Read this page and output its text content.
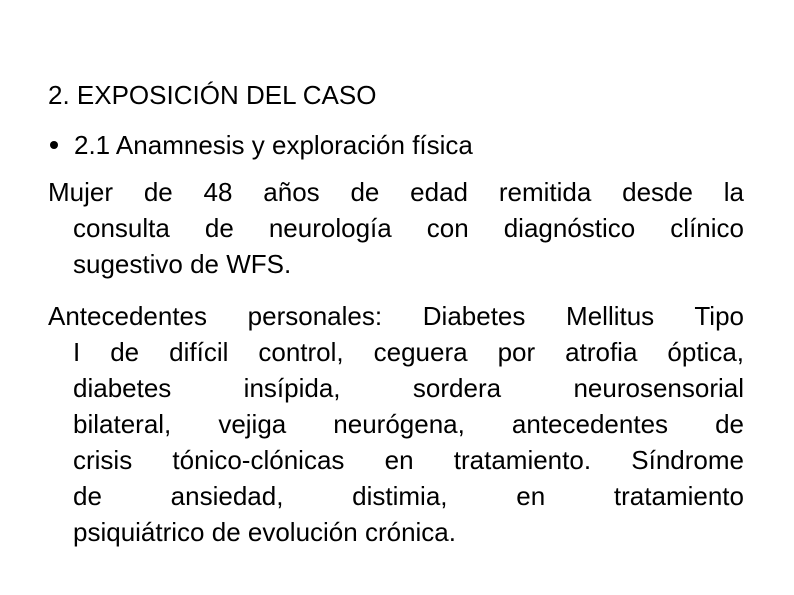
2. EXPOSICIÓN DEL CASO
2.1 Anamnesis y exploración física
Mujer de 48 años de edad remitida desde la
consulta de neurología con diagnóstico clínico
sugestivo de WFS.
Antecedentes personales: Diabetes Mellitus Tipo
I de difícil control, ceguera por atrofia óptica,
diabetes insípida, sordera neurosensorial
bilateral, vejiga neurógena, antecedentes de
crisis tónico-clónicas en tratamiento. Síndrome
de ansiedad, distimia, en tratamiento
psiquiátrico de evolución crónica.
